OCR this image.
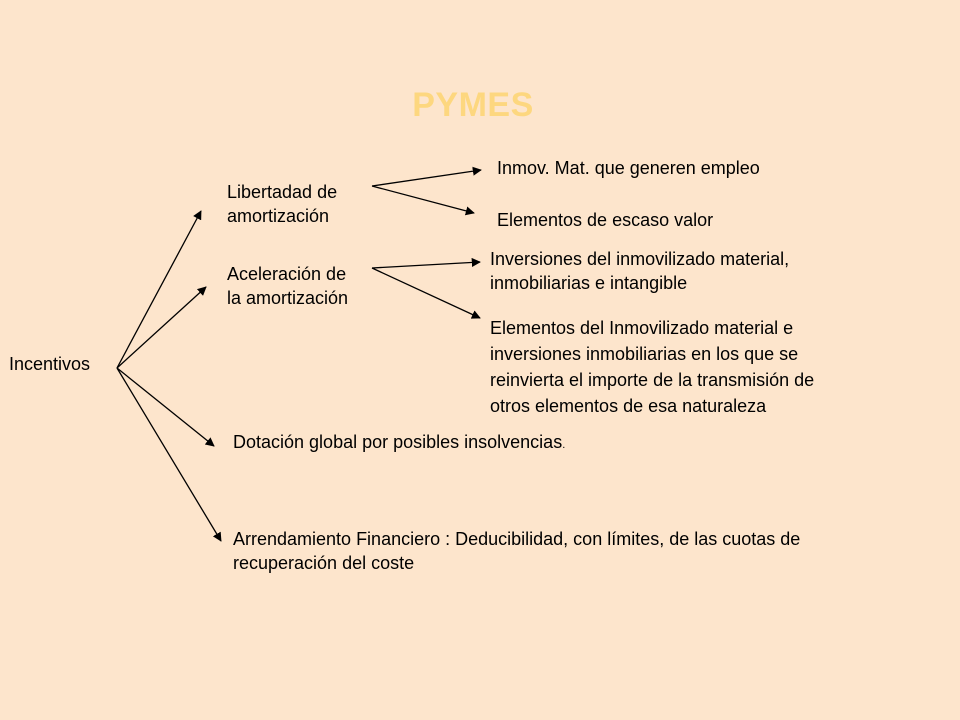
PYMES
Incentivos
Libertadad de
amortización
Aceleración de
la amortización
Dotación global por posibles insolvencias.
Arrendamiento Financiero : Deducibilidad, con límites, de las cuotas de
recuperación del coste
Inmov. Mat. que generen empleo
Elementos de escaso valor
Inversiones del inmovilizado material,
inmobiliarias e intangible
Elementos del Inmovilizado material e
inversiones inmobiliarias en los que se
reinvierta el importe de la transmisión de
otros elementos de esa naturaleza
